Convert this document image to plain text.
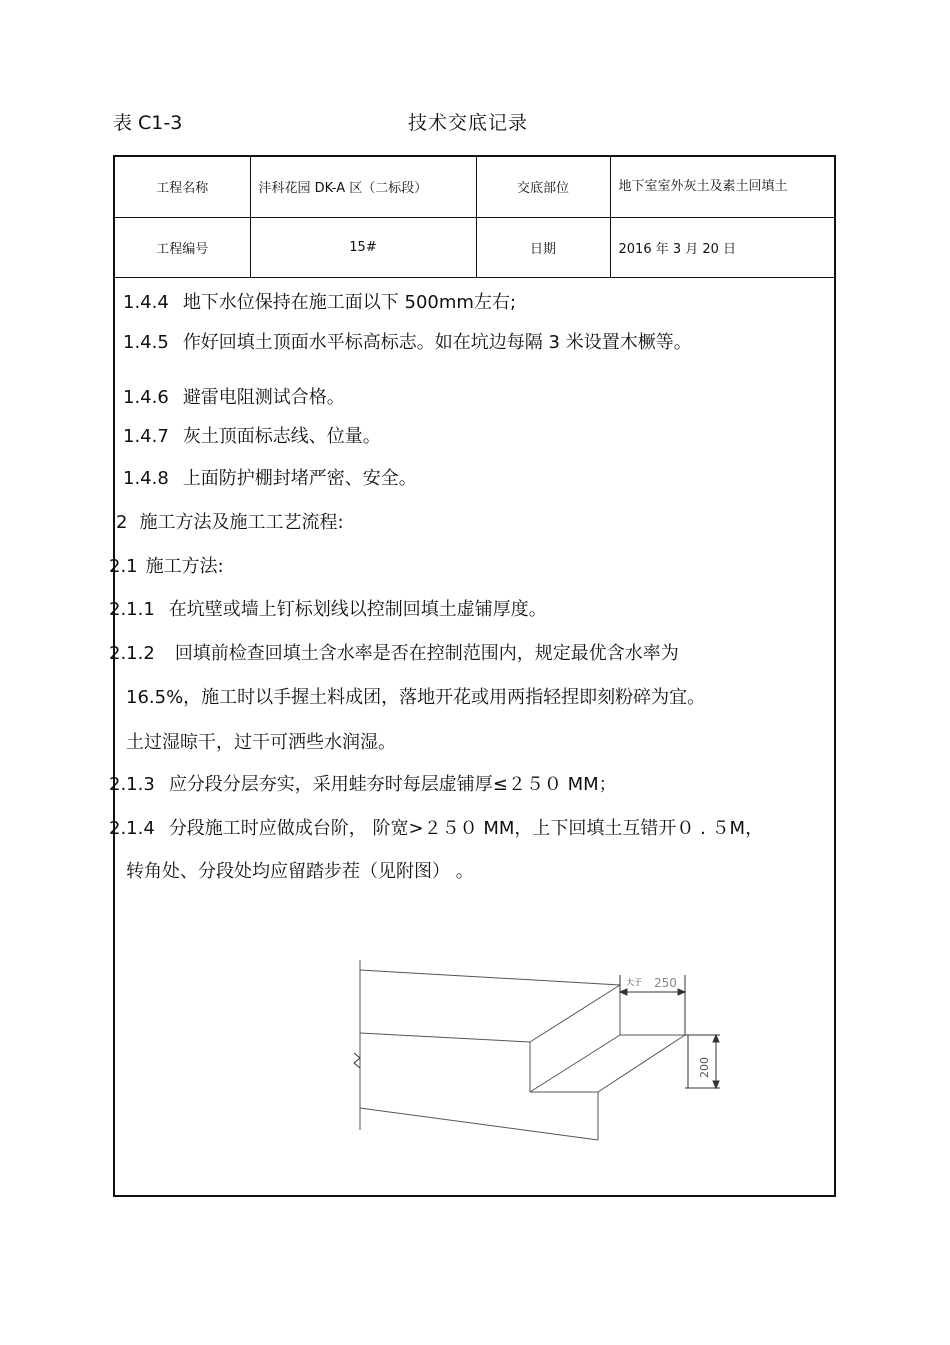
表 C1-3	技术交底记录
工程名称	沣科花园 DK-A 区（二标段）	交底部位	地下室室外灰土及素土回填土
工程编号	15#	日期	2016 年 3 月 20 日
1.4.4 地下水位保持在施工面以下 500mm左右;
1.4.5 作好回填土顶面水平标高标志。如在坑边每隔 3 米设置木橛等。
1.4.6 避雷电阻测试合格。
1.4.7 灰土顶面标志线、位量。
1.4.8 上面防护棚封堵严密、安全。
2 施工方法及施工工艺流程:
2.1 施工方法:
2.1.1 在坑壁或墙上钉标划线以控制回填土虚铺厚度。
2.1.2 回填前检查回填土含水率是否在控制范围内，规定最优含水率为
16.5%，施工时以手握土料成团，落地开花或用两指轻捏即刻粉碎为宜。
土过湿晾干，过干可洒些水润湿。
2.1.3 应分段分层夯实，采用蛙夯时每层虚铺厚≤２５０ MM；
2.1.4 分段施工时应做成台阶， 阶宽>２５０ MM，上下回填土互错开０ . ５M，
转角处、分段处均应留踏步茬（见附图） 。
大于 250
200
